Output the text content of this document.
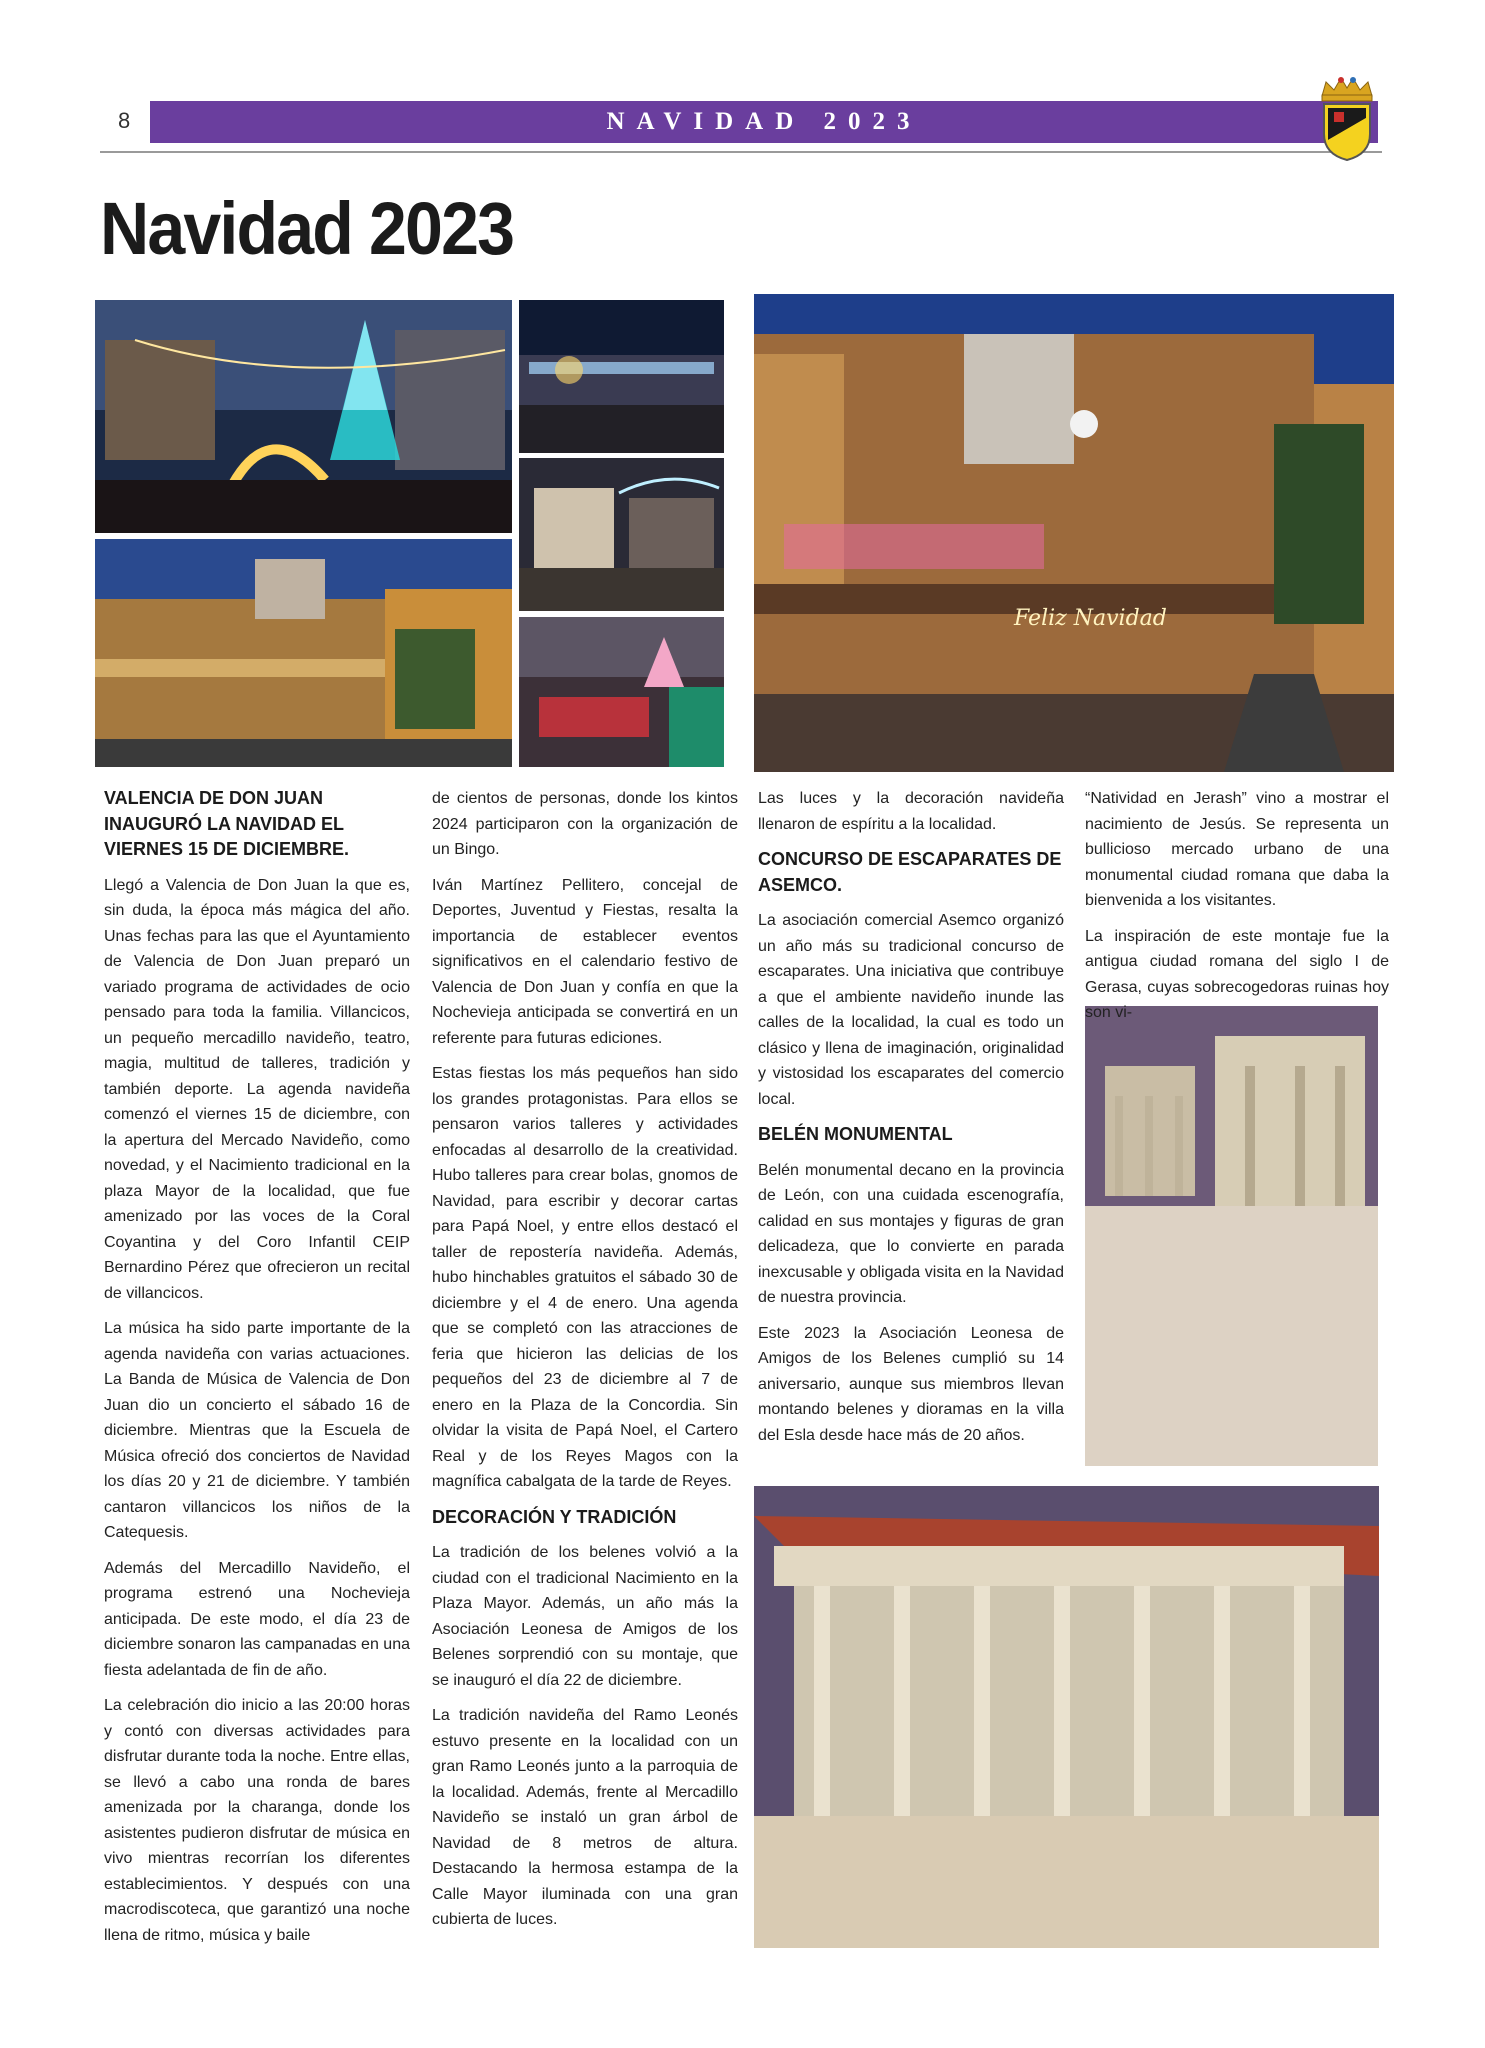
8	NAVIDAD 2023
Navidad 2023
Feliz Navidad
VALENCIA DE DON JUAN INAUGURÓ LA NAVIDAD EL VIERNES 15 DE DICIEMBRE.

Llegó a Valencia de Don Juan la que es, sin duda, la época más mágica del año. Unas fechas para las que el Ayuntamiento de Valencia de Don Juan preparó un variado programa de actividades de ocio pensado para toda la familia. Villancicos, un pequeño mercadillo navideño, teatro, magia, multitud de talleres, tradición y también deporte. La agenda navideña comenzó el viernes 15 de diciembre, con la apertura del Mercado Navideño, como novedad, y el Nacimiento tradicional en la plaza Mayor de la localidad, que fue amenizado por las voces de la Coral Coyantina y del Coro Infantil CEIP Bernardino Pérez que ofrecieron un recital de villancicos.

La música ha sido parte importante de la agenda navideña con varias actuaciones. La Banda de Música de Valencia de Don Juan dio un concierto el sábado 16 de diciembre. Mientras que la Escuela de Música ofreció dos conciertos de Navidad los días 20 y 21 de diciembre. Y también cantaron villancicos los niños de la Catequesis.

Además del Mercadillo Navideño, el programa estrenó una Nochevieja anticipada. De este modo, el día 23 de diciembre sonaron las campanadas en una fiesta adelantada de fin de año.

La celebración dio inicio a las 20:00 horas y contó con diversas actividades para disfrutar durante toda la noche. Entre ellas, se llevó a cabo una ronda de bares amenizada por la charanga, donde los asistentes pudieron disfrutar de música en vivo mientras recorrían los diferentes establecimientos. Y después con una macrodiscoteca, que garantizó una noche llena de ritmo, música y baile

de cientos de personas, donde los kintos 2024 participaron con la organización de un Bingo.

Iván Martínez Pellitero, concejal de Deportes, Juventud y Fiestas, resalta la importancia de establecer eventos significativos en el calendario festivo de Valencia de Don Juan y confía en que la Nochevieja anticipada se convertirá en un referente para futuras ediciones.

Estas fiestas los más pequeños han sido los grandes protagonistas. Para ellos se pensaron varios talleres y actividades enfocadas al desarrollo de la creatividad. Hubo talleres para crear bolas, gnomos de Navidad, para escribir y decorar cartas para Papá Noel, y entre ellos destacó el taller de repostería navideña. Además, hubo hinchables gratuitos el sábado 30 de diciembre y el 4 de enero. Una agenda que se completó con las atracciones de feria que hicieron las delicias de los pequeños del 23 de diciembre al 7 de enero en la Plaza de la Concordia. Sin olvidar la visita de Papá Noel, el Cartero Real y de los Reyes Magos con la magnífica cabalgata de la tarde de Reyes.

DECORACIÓN Y TRADICIÓN

La tradición de los belenes volvió a la ciudad con el tradicional Nacimiento en la Plaza Mayor. Además, un año más la Asociación Leonesa de Amigos de los Belenes sorprendió con su montaje, que se inauguró el día 22 de diciembre.

La tradición navideña del Ramo Leonés estuvo presente en la localidad con un gran Ramo Leonés junto a la parroquia de la localidad. Además, frente al Mercadillo Navideño se instaló un gran árbol de Navidad de 8 metros de altura. Destacando la hermosa estampa de la Calle Mayor iluminada con una gran cubierta de luces.

Las luces y la decoración navideña llenaron de espíritu a la localidad.

CONCURSO DE ESCAPARATES DE ASEMCO.

La asociación comercial Asemco organizó un año más su tradicional concurso de escaparates. Una iniciativa que contribuye a que el ambiente navideño inunde las calles de la localidad, la cual es todo un clásico y llena de imaginación, originalidad y vistosidad los escaparates del comercio local.

BELÉN MONUMENTAL

Belén monumental decano en la provincia de León, con una cuidada escenografía, calidad en sus montajes y figuras de gran delicadeza, que lo convierte en parada inexcusable y obligada visita en la Navidad de nuestra provincia.

Este 2023 la Asociación Leonesa de Amigos de los Belenes cumplió su 14 aniversario, aunque sus miembros llevan montando belenes y dioramas en la villa del Esla desde hace más de 20 años.

“Natividad en Jerash” vino a mostrar el nacimiento de Jesús. Se representa un bullicioso mercado urbano de una monumental ciudad romana que daba la bienvenida a los visitantes.

La inspiración de este montaje fue la antigua ciudad romana del siglo I de Gerasa, cuyas sobrecogedoras ruinas hoy son vi-
